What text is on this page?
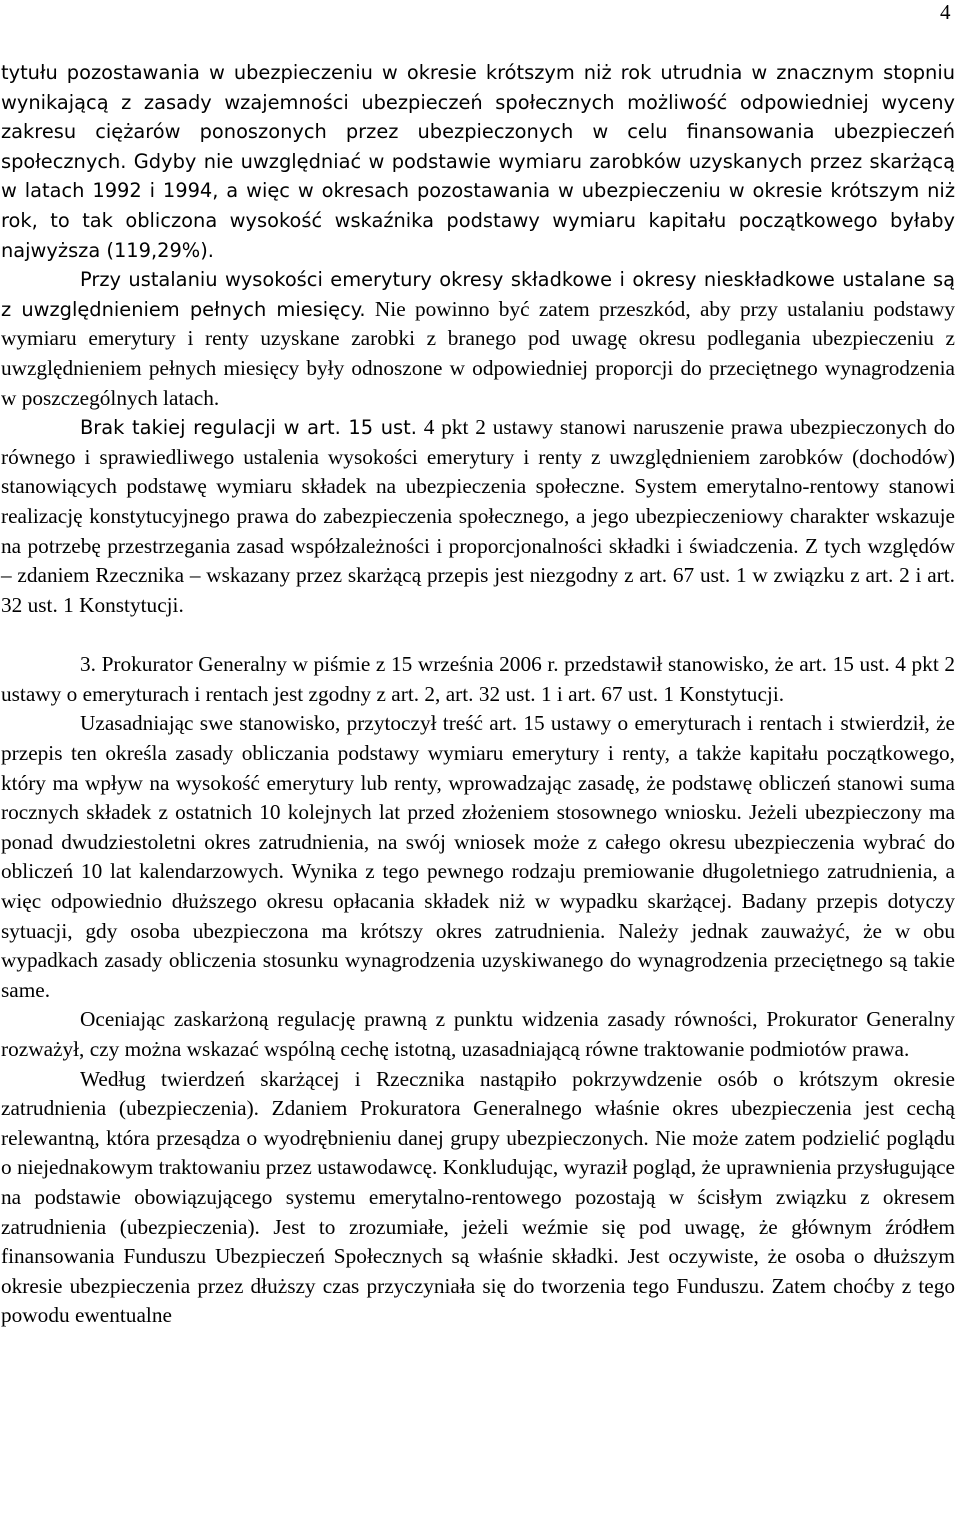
4

tytułu pozostawania w ubezpieczeniu w okresie krótszym niż rok utrudnia w znacznym stopniu wynikającą z zasady wzajemności ubezpieczeń społecznych możliwość odpowiedniej wyceny zakresu ciężarów ponoszonych przez ubezpieczonych w celu finansowania ubezpieczeń społecznych. Gdyby nie uwzględniać w podstawie wymiaru zarobków uzyskanych przez skarżącą w latach 1992 i 1994, a więc w okresach pozostawania w ubezpieczeniu w okresie krótszym niż rok, to tak obliczona wysokość wskaźnika podstawy wymiaru kapitału początkowego byłaby najwyższa (119,29%).

Przy ustalaniu wysokości emerytury okresy składkowe i okresy nieskładkowe ustalane są z uwzględnieniem pełnych miesięcy. Nie powinno być zatem przeszkód, aby przy ustalaniu podstawy wymiaru emerytury i renty uzyskane zarobki z branego pod uwagę okresu podlegania ubezpieczeniu z uwzględnieniem pełnych miesięcy były odnoszone w odpowiedniej proporcji do przeciętnego wynagrodzenia w poszczególnych latach.

Brak takiej regulacji w art. 15 ust. 4 pkt 2 ustawy stanowi naruszenie prawa ubezpieczonych do równego i sprawiedliwego ustalenia wysokości emerytury i renty z uwzględnieniem zarobków (dochodów) stanowiących podstawę wymiaru składek na ubezpieczenia społeczne. System emerytalno-rentowy stanowi realizację konstytucyjnego prawa do zabezpieczenia społecznego, a jego ubezpieczeniowy charakter wskazuje na potrzebę przestrzegania zasad współzależności i proporcjonalności składki i świadczenia. Z tych względów – zdaniem Rzecznika – wskazany przez skarżącą przepis jest niezgodny z art. 67 ust. 1 w związku z art. 2 i art. 32 ust. 1 Konstytucji.

3. Prokurator Generalny w piśmie z 15 września 2006 r. przedstawił stanowisko, że art. 15 ust. 4 pkt 2 ustawy o emeryturach i rentach jest zgodny z art. 2, art. 32 ust. 1 i art. 67 ust. 1 Konstytucji.

Uzasadniając swe stanowisko, przytoczył treść art. 15 ustawy o emeryturach i rentach i stwierdził, że przepis ten określa zasady obliczania podstawy wymiaru emerytury i renty, a także kapitału początkowego, który ma wpływ na wysokość emerytury lub renty, wprowadzając zasadę, że podstawę obliczeń stanowi suma rocznych składek z ostatnich 10 kolejnych lat przed złożeniem stosownego wniosku. Jeżeli ubezpieczony ma ponad dwudziestoletni okres zatrudnienia, na swój wniosek może z całego okresu ubezpieczenia wybrać do obliczeń 10 lat kalendarzowych. Wynika z tego pewnego rodzaju premiowanie długoletniego zatrudnienia, a więc odpowiednio dłuższego okresu opłacania składek niż w wypadku skarżącej. Badany przepis dotyczy sytuacji, gdy osoba ubezpieczona ma krótszy okres zatrudnienia. Należy jednak zauważyć, że w obu wypadkach zasady obliczenia stosunku wynagrodzenia uzyskiwanego do wynagrodzenia przeciętnego są takie same.

Oceniając zaskarżoną regulację prawną z punktu widzenia zasady równości, Prokurator Generalny rozważył, czy można wskazać wspólną cechę istotną, uzasadniającą równe traktowanie podmiotów prawa.

Według twierdzeń skarżącej i Rzecznika nastąpiło pokrzywdzenie osób o krótszym okresie zatrudnienia (ubezpieczenia). Zdaniem Prokuratora Generalnego właśnie okres ubezpieczenia jest cechą relewantną, która przesądza o wyodrębnieniu danej grupy ubezpieczonych. Nie może zatem podzielić poglądu o niejednakowym traktowaniu przez ustawodawcę. Konkludując, wyraził pogląd, że uprawnienia przysługujące na podstawie obowiązującego systemu emerytalno-rentowego pozostają w ścisłym związku z okresem zatrudnienia (ubezpieczenia). Jest to zrozumiałe, jeżeli weźmie się pod uwagę, że głównym źródłem finansowania Funduszu Ubezpieczeń Społecznych są właśnie składki. Jest oczywiste, że osoba o dłuższym okresie ubezpieczenia przez dłuższy czas przyczyniała się do tworzenia tego Funduszu. Zatem choćby z tego powodu ewentualne
